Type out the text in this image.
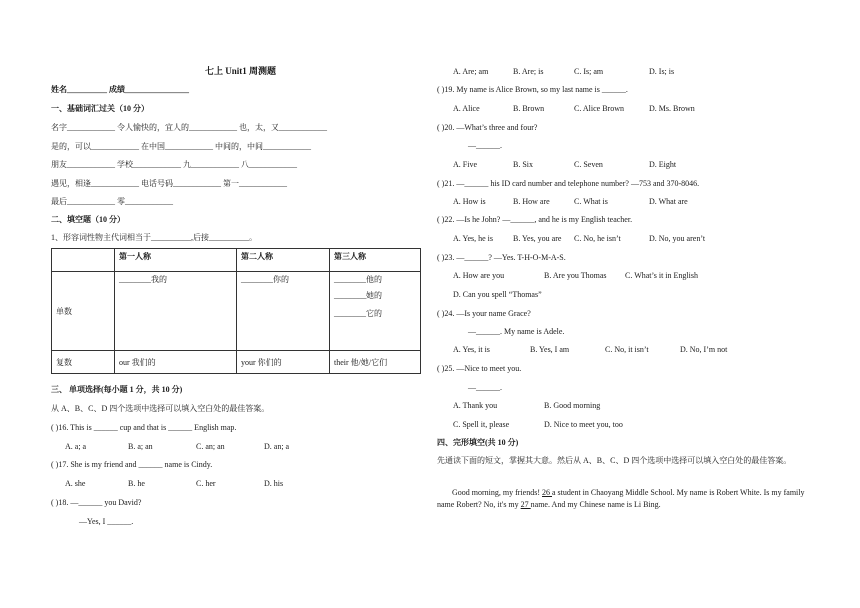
七上 Unit1 周测题
姓名__________ 成绩________________
一、基础词汇过关（10 分）
名字____________ 令人愉快的，宜人的____________ 也，太，又____________
是的，可以____________ 在中国____________ 中间的，中间____________
朋友____________ 学校____________ 九____________ 八____________
遇见，相逢____________ 电话号码____________ 第一____________
最后____________ 零____________
二、填空题（10 分）
1、形容词性物主代词相当于__________,后接__________。
	第一人称	第二人称	第三人称
单数	________我的	________你的	________他的
________她的
________它的

复数	our 我们的	your 你们的	their 他/她/它们
三、 单项选择(每小题 1 分，共 10 分)
从 A、B、C、D 四个选项中选择可以填入空白处的最佳答案。
( )16. This is ______ cup and that is ______ English map.
A. a; a	B. a; an	C. an; an	D. an; a
( )17. She is my friend and ______ name is Cindy.
A. she	B. he	C. her	D. his
( )18. —______ you David?
—Yes, I ______.
A. Are; am	B. Are; is	C. Is; am	D. Is; is
( )19. My name is Alice Brown, so my last name is ______.
A. Alice	B. Brown	C. Alice Brown	D. Ms. Brown
( )20. —What’s three and four?
—______.
A. Five	B. Six	C. Seven	D. Eight
( )21. —______ his ID card number and telephone number? —753 and 370-8046.
A. How is	B. How are	C. What is	D. What are
( )22. —Is he John? —______, and he is my English teacher.
A. Yes, he is B. Yes, you are C. No, he isn’t	D. No, you aren’t
( )23. —______? —Yes. T-H-O-M-A-S.
A. How are you	B. Are you Thomas C. What’s it in English
D. Can you spell “Thomas”
( )24. —Is your name Grace?
—______. My name is Adele.
A. Yes, it is	B. Yes, I am	C. No, it isn’t	D. No, I’m not
( )25. —Nice to meet you.
—______.
A. Thank you	B. Good morning
C. Spell it, please	D. Nice to meet you, too
四、完形填空(共 10 分)
先通读下面的短文，掌握其大意。然后从 A、B、C、D 四个选项中选择可以填入空白处的最佳答案。
Good morning, my friends! 26 a student in Chaoyang Middle School. My name is Robert White. Is my family name Robert? No, it's my 27 name. And my Chinese name is Li Bing.
